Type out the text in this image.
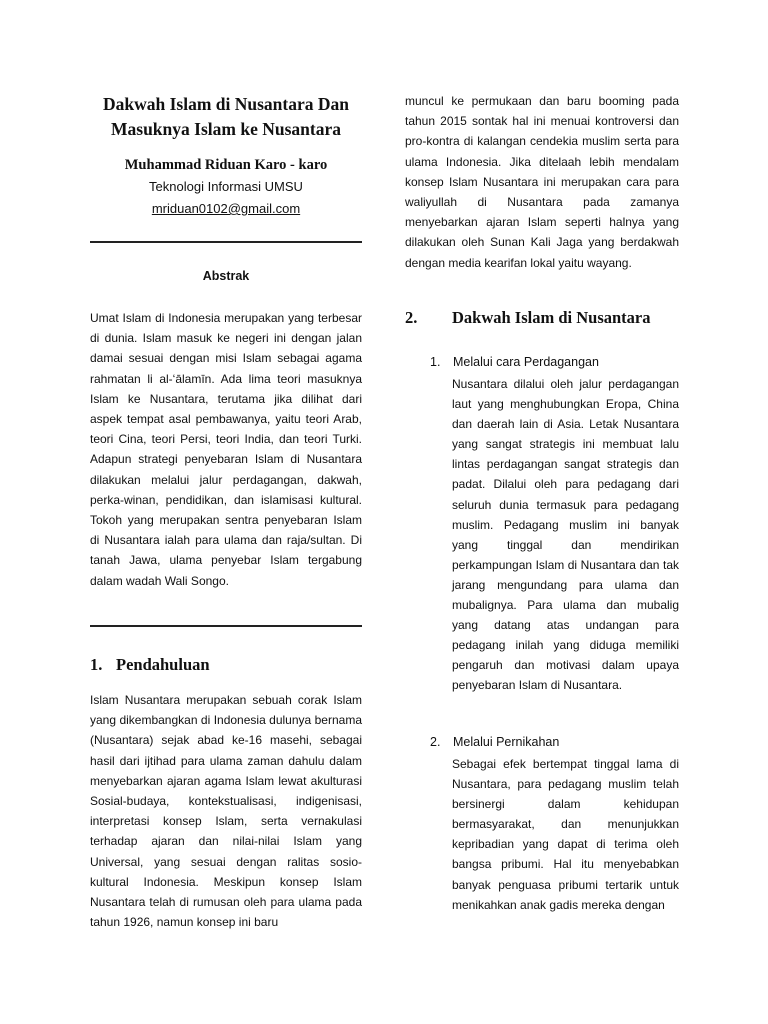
Dakwah Islam di Nusantara Dan Masuknya Islam ke Nusantara
Muhammad Riduan Karo - karo
Teknologi Informasi UMSU
mriduan0102@gmail.com
Abstrak

Umat Islam di Indonesia merupakan yang terbesar di dunia. Islam masuk ke negeri ini dengan jalan damai sesuai dengan misi Islam sebagai agama rahmatan li al-‘ālamīn. Ada lima teori masuknya Islam ke Nusantara, terutama jika dilihat dari aspek tempat asal pembawanya, yaitu teori Arab, teori Cina, teori Persi, teori India, dan teori Turki. Adapun strategi penyebaran Islam di Nusantara dilakukan melalui jalur perdagangan, dakwah, perka-winan, pendidikan, dan islamisasi kultural. Tokoh yang merupakan sentra penyebaran Islam di Nusantara ialah para ulama dan raja/sultan. Di tanah Jawa, ulama penyebar Islam tergabung dalam wadah Wali Songo.

1. Pendahuluan

Islam Nusantara merupakan sebuah corak Islam yang dikembangkan di Indonesia dulunya bernama (Nusantara) sejak abad ke-16 masehi, sebagai hasil dari ijtihad para ulama zaman dahulu dalam menyebarkan ajaran agama Islam lewat akulturasi Sosial-budaya, kontekstualisasi, indigenisasi, interpretasi konsep Islam, serta vernakulasi terhadap ajaran dan nilai-nilai Islam yang Universal, yang sesuai dengan ralitas sosio-kultural Indonesia. Meskipun konsep Islam Nusantara telah di rumusan oleh para ulama pada tahun 1926, namun konsep ini baru

muncul ke permukaan dan baru booming pada tahun 2015 sontak hal ini menuai kontroversi dan pro-kontra di kalangan cendekia muslim serta para ulama Indonesia. Jika ditelaah lebih mendalam konsep Islam Nusantara ini merupakan cara para waliyullah di Nusantara pada zamanya menyebarkan ajaran Islam seperti halnya yang dilakukan oleh Sunan Kali Jaga yang berdakwah dengan media kearifan lokal yaitu wayang.

2. Dakwah Islam di Nusantara
1. Melalui cara Perdagangan

Nusantara dilalui oleh jalur perdagangan laut yang menghubungkan Eropa, China dan daerah lain di Asia. Letak Nusantara yang sangat strategis ini membuat lalu lintas perdagangan sangat strategis dan padat. Dilalui oleh para pedagang dari seluruh dunia termasuk para pedagang muslim. Pedagang muslim ini banyak yang tinggal dan mendirikan perkampungan Islam di Nusantara dan tak jarang mengundang para ulama dan mubalignya. Para ulama dan mubalig yang datang atas undangan para pedagang inilah yang diduga memiliki pengaruh dan motivasi dalam upaya penyebaran Islam di Nusantara.

2. Melalui Pernikahan

Sebagai efek bertempat tinggal lama di Nusantara, para pedagang muslim telah bersinergi dalam kehidupan bermasyarakat, dan menunjukkan kepribadian yang dapat di terima oleh bangsa pribumi. Hal itu menyebabkan banyak penguasa pribumi tertarik untuk menikahkan anak gadis mereka dengan
